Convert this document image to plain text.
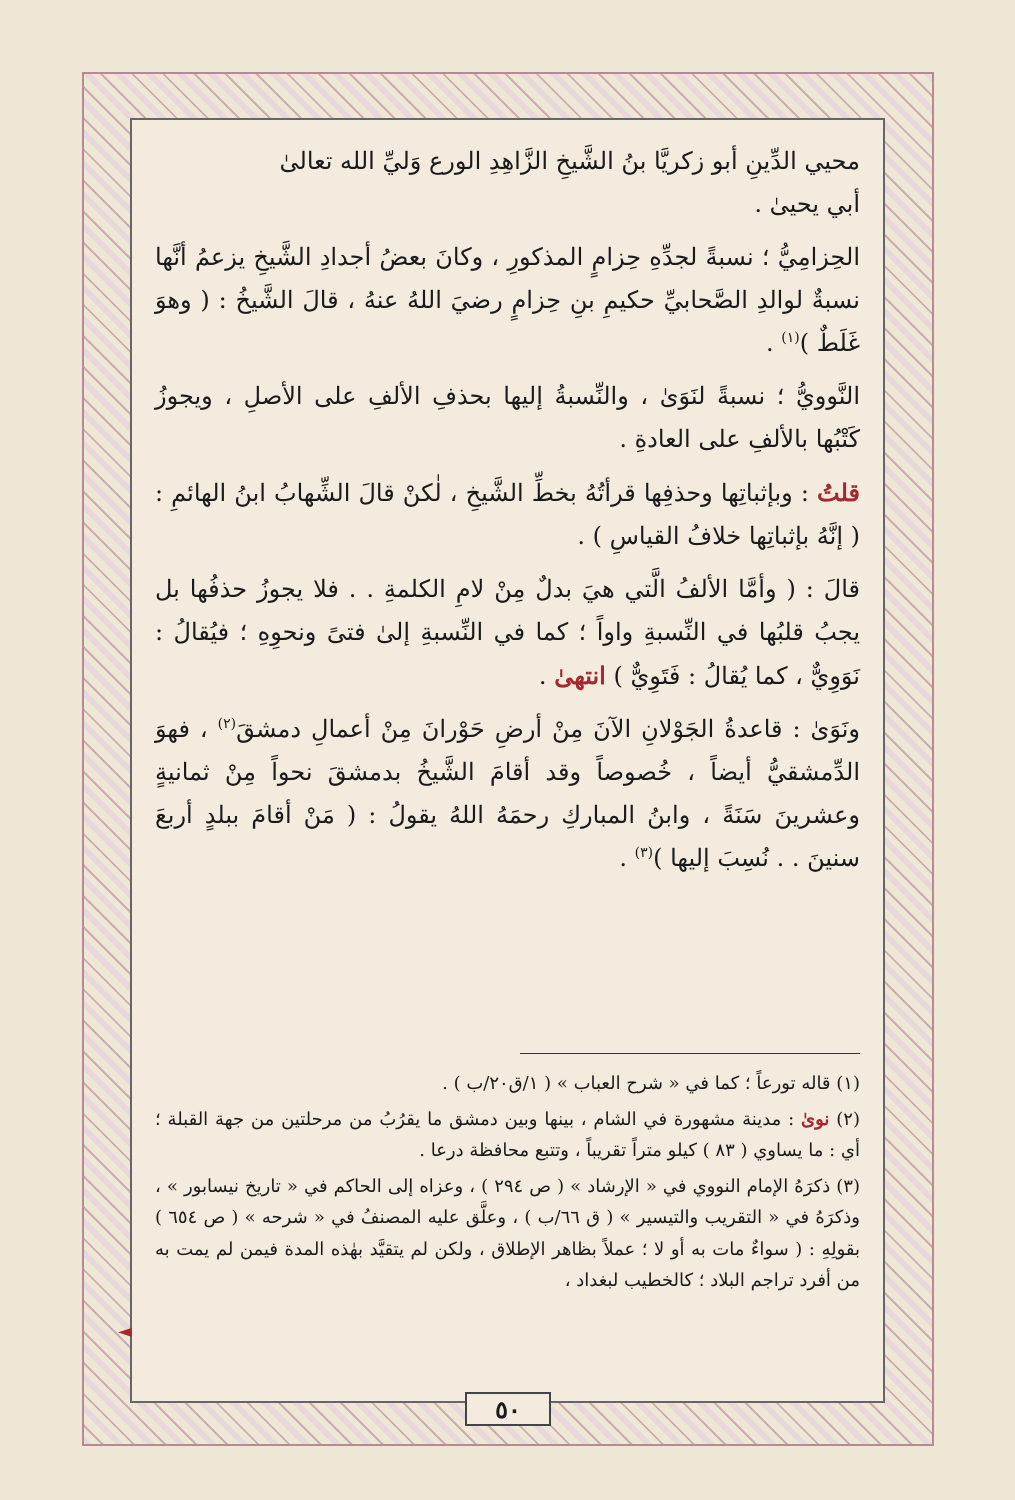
محيي الدِّينِ أبو زكريَّا بنُ الشَّيخِ الزَّاهِدِ الورع وَليِّ الله تعالىٰ
أبي يحيىٰ .

الحِزامِيُّ ؛ نسبةً لجدِّهِ حِزامٍ المذكورِ ، وكانَ بعضُ أجدادِ الشَّيخِ يزعمُ أنَّها نسبةٌ لوالدِ الصَّحابيِّ حكيمِ بنِ حِزامٍ رضيَ اللهُ عنهُ ، قالَ الشَّيخُ : ( وهوَ غَلَطٌ )$^{(١)}$ .

النَّوويُّ ؛ نسبةً لنَوَىٰ ، والنِّسبةُ إليها بحذفِ الألفِ على الأصلِ ، ويجوزُ كَتْبُها بالألفِ على العادةِ .

قلتُ : وبإثباتِها وحذفِها قرأتُهُ بخطِّ الشَّيخِ ، لٰكنْ قالَ الشِّهابُ ابنُ الهائمِ : ( إنَّهُ بإثباتِها خلافُ القياسِ ) .

قالَ : ( وأمَّا الألفُ الَّتي هيَ بدلٌ مِنْ لامِ الكلمةِ . . فلا يجوزُ حذفُها بل يجبُ قلبُها في النِّسبةِ واواً ؛ كما في النِّسبةِ إلىٰ فتىً ونحوِهِ ؛ فيُقالُ : نَوَوِيٌّ ، كما يُقالُ : فَتَوِيٌّ ) انتهىٰ .

ونَوَىٰ : قاعدةُ الجَوْلانِ الآنَ مِنْ أرضِ حَوْرانَ مِنْ أعمالِ دمشقَ$^{(٢)}$ ، فهوَ الدِّمشقيُّ أيضاً ، خُصوصاً وقد أقامَ الشَّيخُ بدمشقَ نحواً مِنْ ثمانيةٍ وعشرينَ سَنَةً ، وابنُ المباركِ رحمَهُ اللهُ يقولُ : ( مَنْ أقامَ ببلدٍ أربعَ سنينَ . . نُسِبَ إليها )$^{(٣)}$ .

(١) قاله تورعاً ؛ كما في « شرح العباب » ( ١/ق٢٠/ب ) .

(٢) نوىٰ : مدينة مشهورة في الشام ، بينها وبين دمشق ما يقرُبُ من مرحلتين من جهة القبلة ؛ أي : ما يساوي ( ٨٣ ) كيلو متراً تقريباً ، وتتبع محافظة درعا .

(٣) ذكرَهُ الإمام النووي في « الإرشاد » ( ص ٢٩٤ ) ، وعزاه إلى الحاكم في « تاريخ نيسابور » ، وذكرَهُ في « التقريب والتيسير » ( ق ٦٦/ب ) ، وعلَّق عليه المصنفُ في « شرحه » ( ص ٦٥٤ ) بقولِهِ : ( سواءٌ مات به أو لا ؛ عملاً بظاهر الإطلاق ، ولكن لم يتقيَّد بهٰذه المدة فيمن لم يمت به من أفرد تراجم البلاد ؛ كالخطيب لبغداد ،

◄
٥٠
